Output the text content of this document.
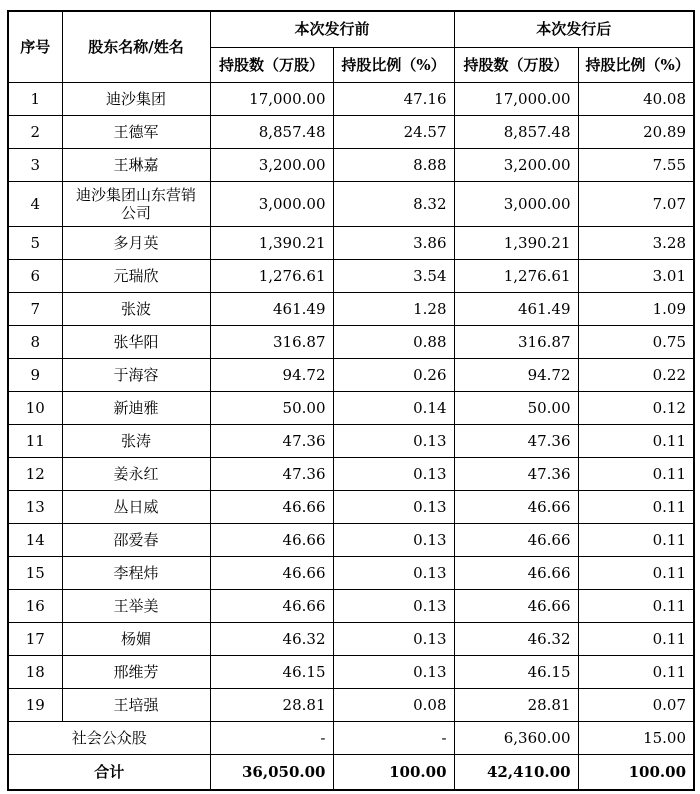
序号	股东名称/姓名	本次发行前		本次发行后	
		持股数（万股）	持股比例（%）	持股数（万股）	持股比例（%）
1	迪沙集团	17,000.00	47.16	17,000.00	40.08
2	王德军	8,857.48	24.57	8,857.48	20.89
3	王琳嘉	3,200.00	8.88	3,200.00	7.55
4	迪沙集团山东营销公司	3,000.00	8.32	3,000.00	7.07
5	多月英	1,390.21	3.86	1,390.21	3.28
6	元瑞欣	1,276.61	3.54	1,276.61	3.01
7	张波	461.49	1.28	461.49	1.09
8	张华阳	316.87	0.88	316.87	0.75
9	于海容	94.72	0.26	94.72	0.22
10	新迪雅	50.00	0.14	50.00	0.12
11	张涛	47.36	0.13	47.36	0.11
12	姜永红	47.36	0.13	47.36	0.11
13	丛日威	46.66	0.13	46.66	0.11
14	邵爱春	46.66	0.13	46.66	0.11
15	李程炜	46.66	0.13	46.66	0.11
16	王举美	46.66	0.13	46.66	0.11
17	杨媚	46.32	0.13	46.32	0.11
18	邢维芳	46.15	0.13	46.15	0.11
19	王培强	28.81	0.08	28.81	0.07
社会公众股		-	-	6,360.00	15.00
合计		36,050.00	100.00	42,410.00	100.00
